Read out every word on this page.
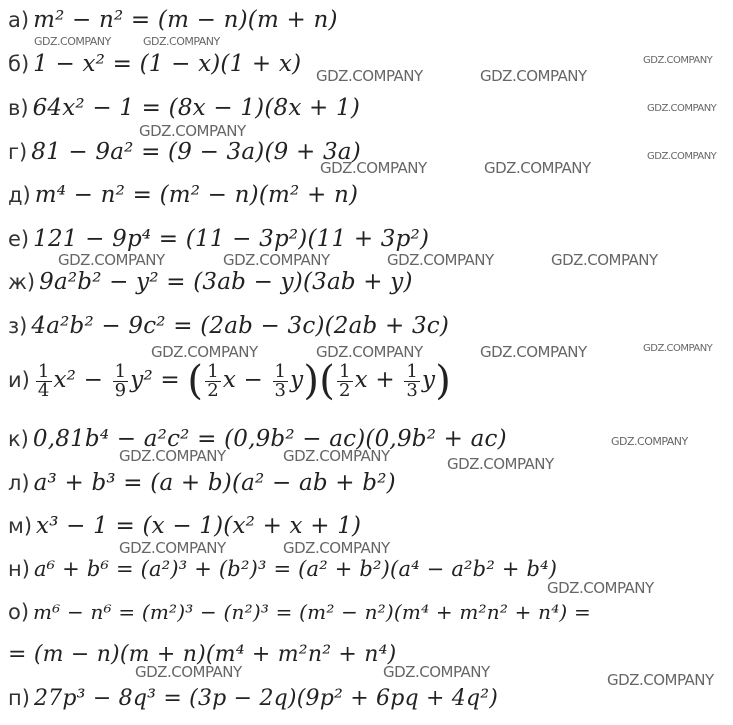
а) m² − n² = (m − n)(m + n)
б) 1 − x² = (1 − x)(1 + x)
в) 64x² − 1 = (8x − 1)(8x + 1)
г) 81 − 9a² = (9 − 3a)(9 + 3a)
д) m⁴ − n² = (m² − n)(m² + n)
е) 121 − 9p⁴ = (11 − 3p²)(11 + 3p²)
ж) 9a²b² − y² = (3ab − y)(3ab + y)
з) 4a²b² − 9c² = (2ab − 3c)(2ab + 3c)
$и) \frac{1}{4} x^2 - \frac{1}{9} y^2$ = ( $\frac{1}{2}$ $x - \frac{1}{3} y)( \frac{1}{2}$ $x + \frac{1}{3} y$)
к) 0,81b⁴ − a²c² = (0,9b² − ac)(0,9b² + ac)
л) a³ + b³ = (a + b)(a² − ab + b²)
м) x³ − 1 = (x − 1)(x² + x + 1)
н) a⁶ + b⁶ = (a²)³ + (b²)³ = (a² + b²)(a⁴ − a²b² + b⁴)
о) m⁶ − n⁶ = (m²)³ − (n²)³ = (m² − n²)(m⁴ + m²n² + n⁴) =
= (m − n)(m + n)(m⁴ + m²n² + n⁴)
п) 27p³ − 8q³ = (3p − 2q)(9p² + 6pq + 4q²)
GDZ.COMPANY	GDZ.COMPANY
GDZ.COMPANY	GDZ.COMPANY
GDZ.COMPANY
GDZ.COMPANY
GDZ.COMPANY
GDZ.COMPANY	GDZ.COMPANY
GDZ.COMPANY
GDZ.COMPANY	GDZ.COMPANY	GDZ.COMPANY	GDZ.COMPANY
GDZ.COMPANY	GDZ.COMPANY	GDZ.COMPANY	GDZ.COMPANY
GDZ.COMPANY
GDZ.COMPANY	GDZ.COMPANY	GDZ.COMPANY
GDZ.COMPANY	GDZ.COMPANY
GDZ.COMPANY
GDZ.COMPANY	GDZ.COMPANY	GDZ.COMPANY
